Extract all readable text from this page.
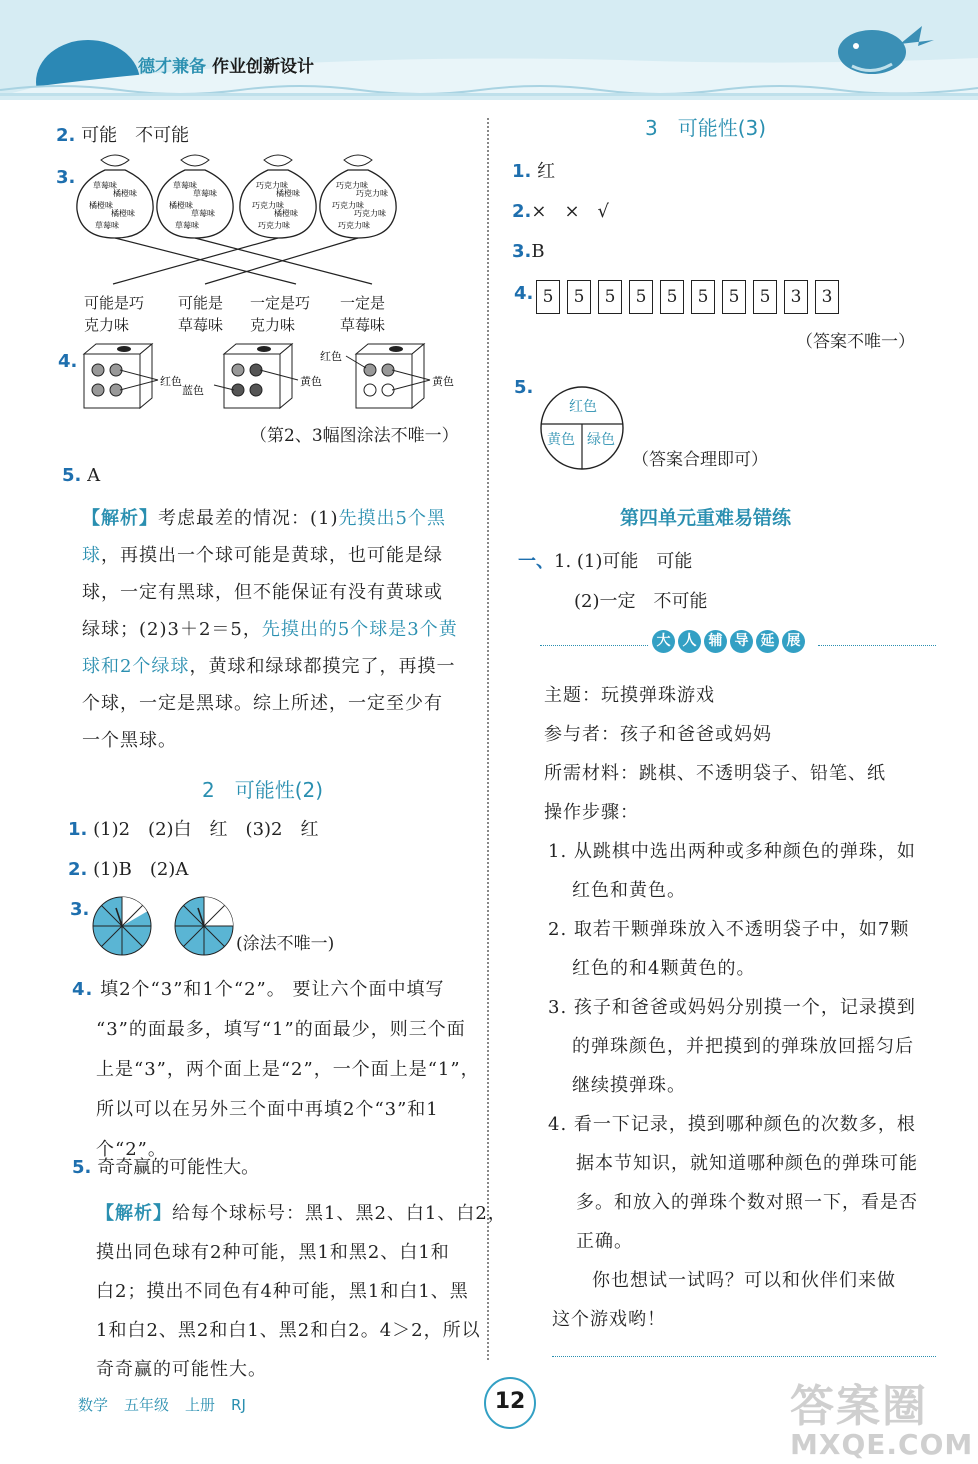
德才兼备 作业创新设计
2. 可能　不可能
3. 草莓味
橘橙味
橘橙味
橘橙味
草莓味
草莓味
草莓味
橘橙味
草莓味
草莓味
巧克力味
橘橙味
巧克力味
橘橙味
巧克力味
巧克力味
巧克力味
巧克力味
巧克力味
巧克力味
可能是巧
克力味
可能是
草莓味
一定是巧
克力味
一定是
草莓味
4.
红色
蓝色
黄色
红色
黄色
（第2、3幅图涂法不唯一）
5. A
【解析】考虑最差的情况：(1)先摸出5个黑
球，再摸出一个球可能是黄球，也可能是绿
球，一定有黑球，但不能保证有没有黄球或
绿球；(2)3＋2＝5，先摸出的5个球是3个黄
球和2个绿球，黄球和绿球都摸完了，再摸一
个球，一定是黑球。综上所述，一定至少有
一个黑球。
2　可能性(2)
1. (1)2　(2)白　红　(3)2　红
2. (1)B　(2)A
3.
(涂法不唯一)
4. 填2个“3”和1个“2”。 要让六个面中填写
“3”的面最多，填写“1”的面最少，则三个面
上是“3”，两个面上是“2”，一个面上是“1”，
所以可以在另外三个面中再填2个“3”和1
个“2”。
5. 奇奇赢的可能性大。
【解析】给每个球标号：黑1、黑2、白1、白2，
摸出同色球有2种可能，黑1和黑2、白1和
白2；摸出不同色有4种可能，黑1和白1、黑
1和白2、黑2和白1、黑2和白2。4＞2，所以
奇奇赢的可能性大。
3　可能性(3)
1. 红
2.×　×　√
3.B
4. 5	5	5	5	5	5	5	5	3	3
（答案不唯一）
5.
红色
黄色 绿色
（答案合理即可）
第四单元重难易错练
一、1. (1)可能　可能
(2)一定　不可能
大 人 辅 导 延 展
主题：玩摸弹珠游戏
参与者：孩子和爸爸或妈妈
所需材料：跳棋、不透明袋子、铅笔、纸
操作步骤：
1. 从跳棋中选出两种或多种颜色的弹珠，如
红色和黄色。
2. 取若干颗弹珠放入不透明袋子中，如7颗
红色的和4颗黄色的。
3. 孩子和爸爸或妈妈分别摸一个，记录摸到
的弹珠颜色，并把摸到的弹珠放回摇匀后
继续摸弹珠。
4. 看一下记录，摸到哪种颜色的次数多，根
据本节知识，就知道哪种颜色的弹珠可能
多。和放入的弹珠个数对照一下，看是否
正确。
你也想试一试吗？可以和伙伴们来做
这个游戏哟！
数学 五年级 上册 RJ	12	答案圈
MXQE.COM
